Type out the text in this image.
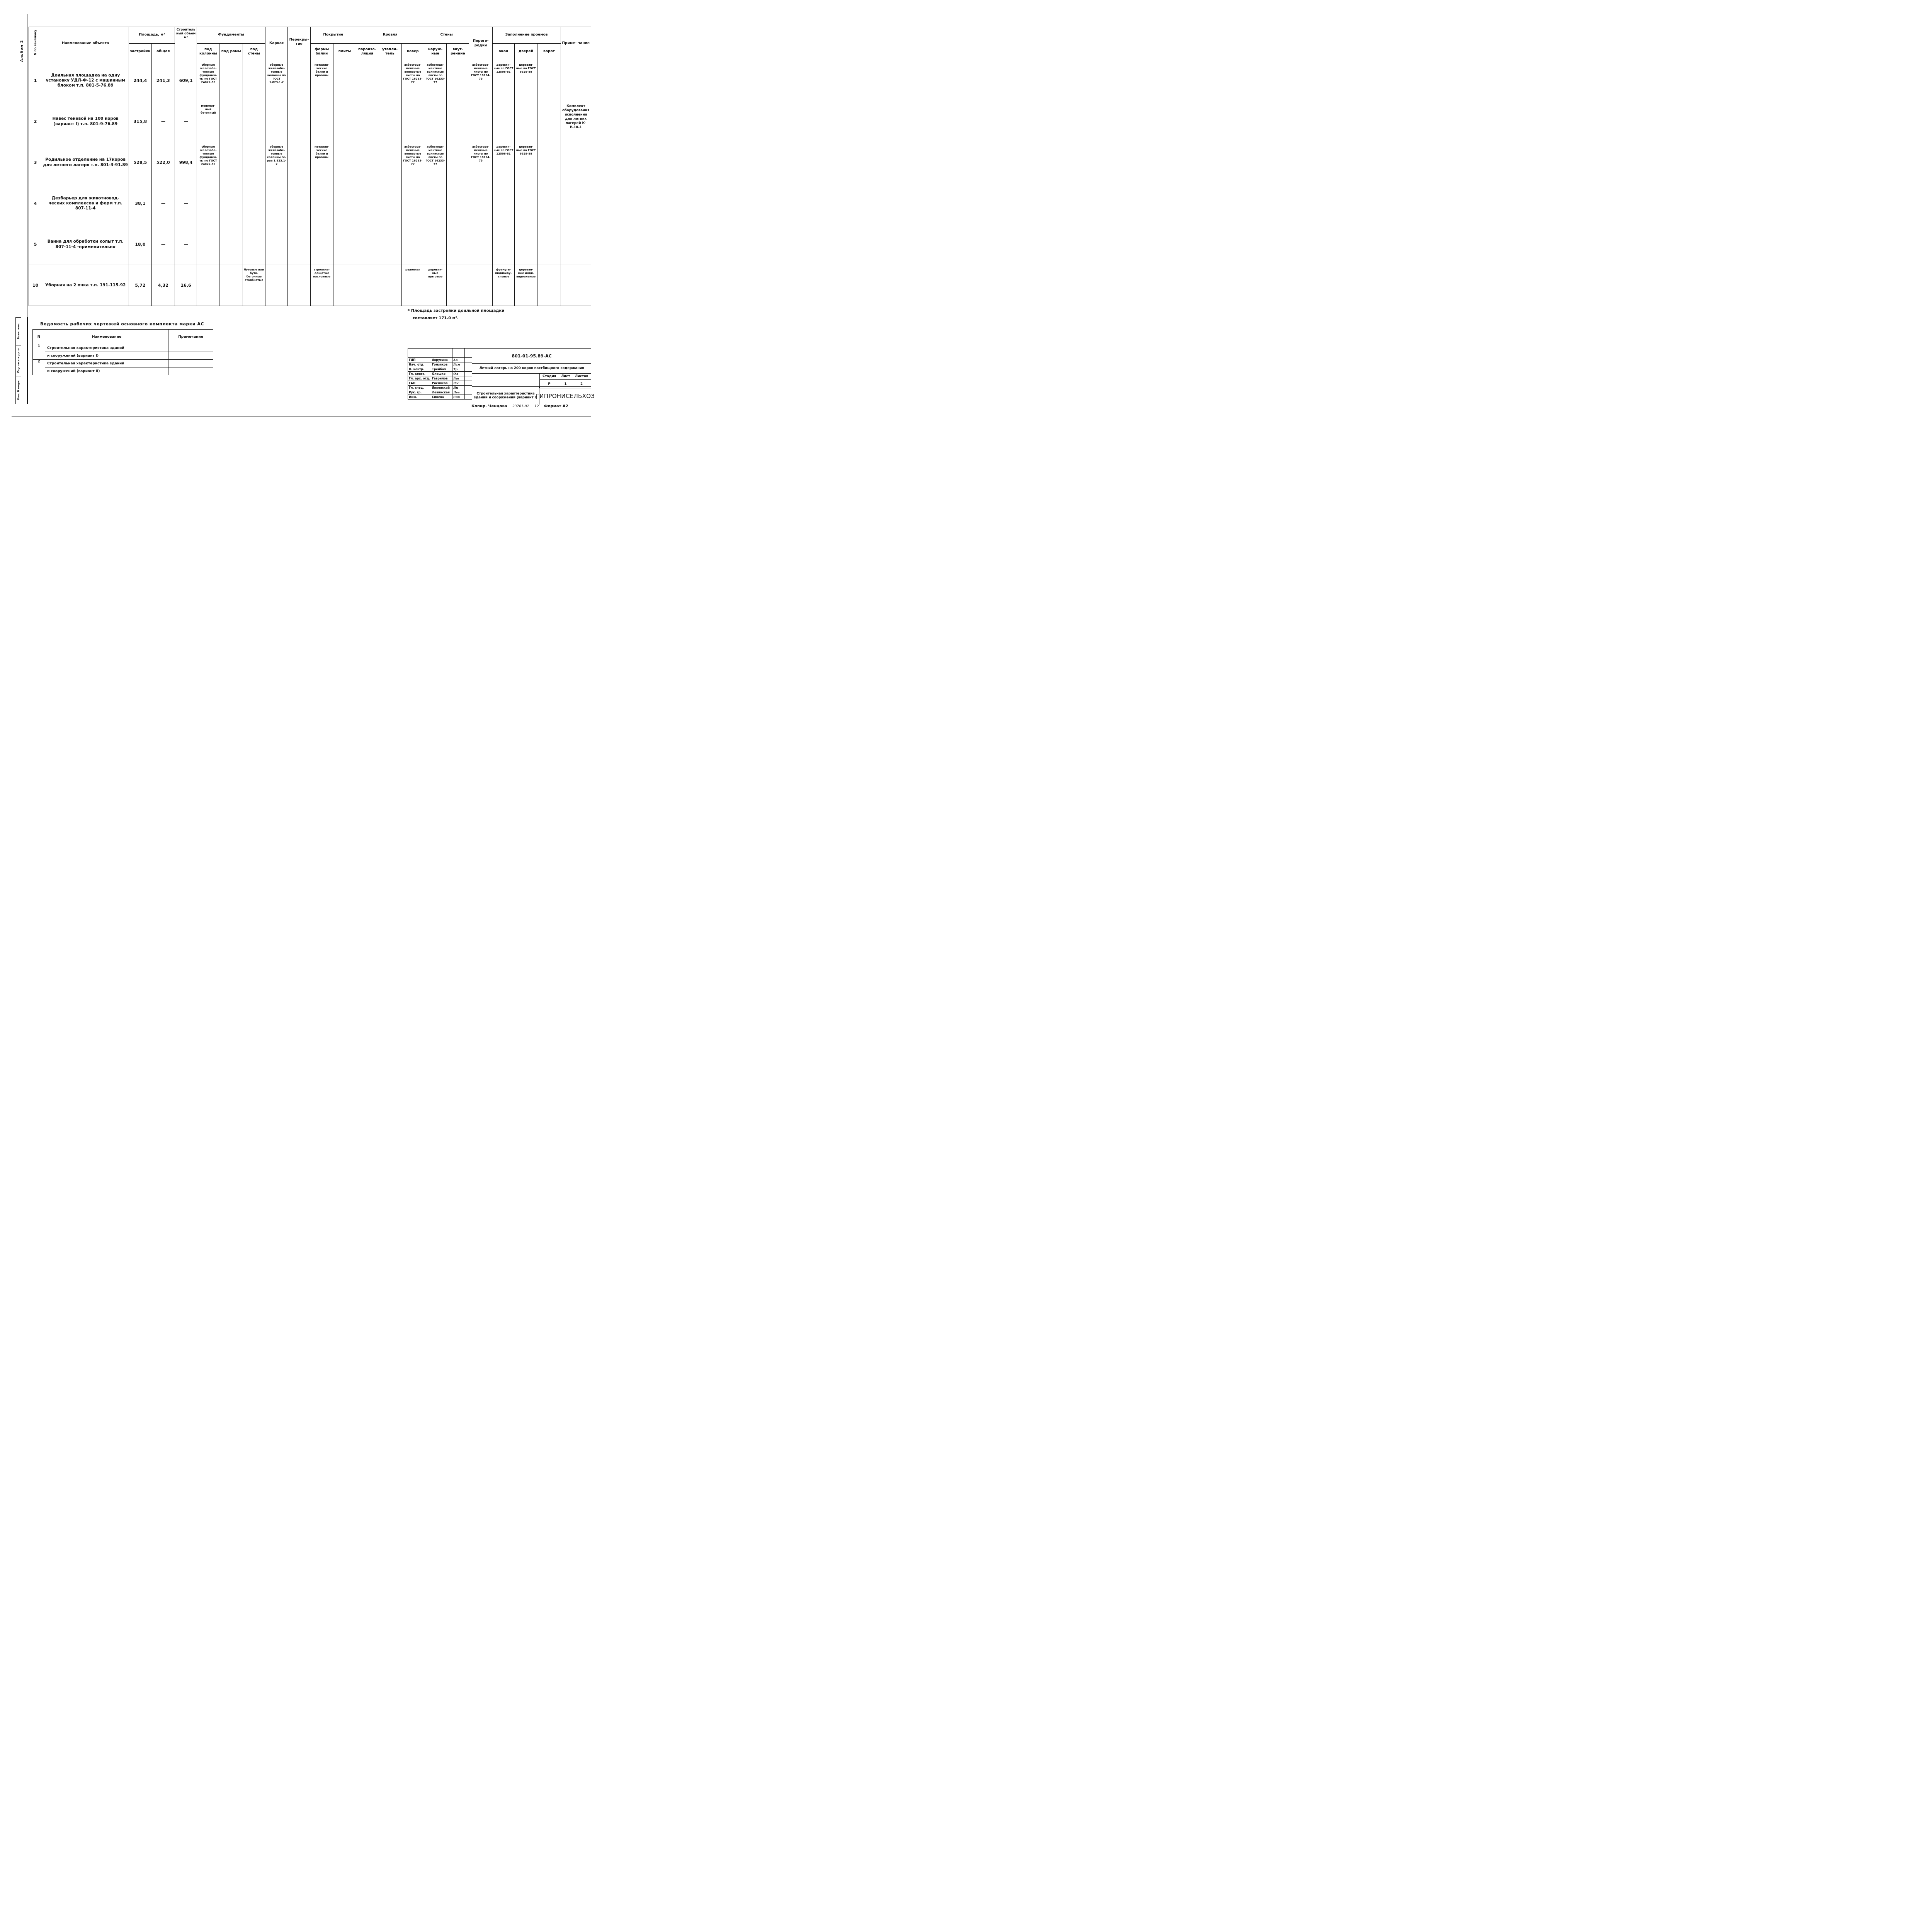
Альбом 2
Взам. инв.
Подпись и дата
Инв. N подл.
N по генплану	Наименование объекта	Площадь, м²		Строитель ный объем м³	Фундаменты			Каркас	Перекры- тие	Покрытие		Кровля			Стены		Перего- родки	Заполнение проемов			Приме- чание
		застройки	общая		под колонны	под рамы	под стены			фермы балки	плиты	пароизо- ляция	утепли- тель	ковер	наруж- ные	внут- ренние		окон	дверей	ворот	
1	Доильная площадка на одну установку УДЛ-Ф-12 с машинным блоком т.п. 801-5-76.89	244,4	241,3	609,1	сборные железобе- тонные фундамен- ты по ГОСТ 24022-80			сборные железобе- тонные колонны по ГОСТ 1.823.1-2		металли- ческие балки и прогоны				асбестоце- ментные волнистые листы по ГОСТ 16233-77	асбестоце- ментные волнистые листы по ГОСТ 16233-77		асбестоце- ментные листы по ГОСТ 18124-75	деревян- ные по ГОСТ 12506-81	деревян- ные по ГОСТ 6629-88		
2	Навес теневой на 100 коров (вариант I) т.п. 801-9-76.89	315,8	—	—	монолит- ный бетонный																Комплект оборудования исполнения для летних лагерей К-Р-10-1
3	Родильное отделение на 17коров для летнего лагеря т.п. 801-3-91.89	528,5	522,0	998,4	сборные железобе- тонные фундамен- ты по ГОСТ 24022-80			сборные железобе- тонные колонны се- рии 1.823.1-2		металли- ческие балки и прогоны				асбестоце- ментные волнистые листы по ГОСТ 16233-77	асбестоце- ментные волнистые листы по ГОСТ 16233-77		асбестоце- ментные листы по ГОСТ 18124-75	деревян- ные по ГОСТ 12506-81	деревян- ные по ГОСТ 6629-88		
4	Дезбарьер для животновод- ческих комплексов и ферм т.п. 807-11-4	38,1	—	—																	
5	Ванна для обработки копыт т.п. 807-11-4 -применительно	18,0	—	—																	
10	Уборная на 2 очка т.п. 191-115-92	5,72	4,32	16,6			бутовые или буто- бетонные столбчатые			стропила- дощатые наслонные				рулонная	деревян- ные щитовые			фрамуги- индивиду- альные	деревян- ные инди- видуальные		
* Площадь застройки доильной площадки
составляет 171.0 м².
Ведомость рабочих чертежей основного комплекта марки АС
N	Наименование	Примечание
1	Строительная характеристика зданий	
	и сооружений (вариант I)	
2	Строительная характеристика зданий	
	и сооружений (вариант II)	

ГИП	Аврусина	Ав	
Нач. отд.	Гомзяков	Гом	
Н. контр.	Трейбач	Тр	
Гл. конст.	Олешко	Ол	
Гл. арх. отд.	Гаврилов	Гав	
ГАП	Росляков	Рос	
Гл. спец.	Янковский	Ян	
Рук. гр.	Левинская	Лев	
Инж.	Синева	Син	
801-01-95.89-АС
Летний лагерь на 200 коров пастбищного содержания
Стадия	Лист	Листов
Р	1	2
Строительная характеристика зданий и сооружений (вариант I)
ГИПРОНИСЕЛЬХОЗ
Копир. Ченцова 23761-02 12 Формат А2
